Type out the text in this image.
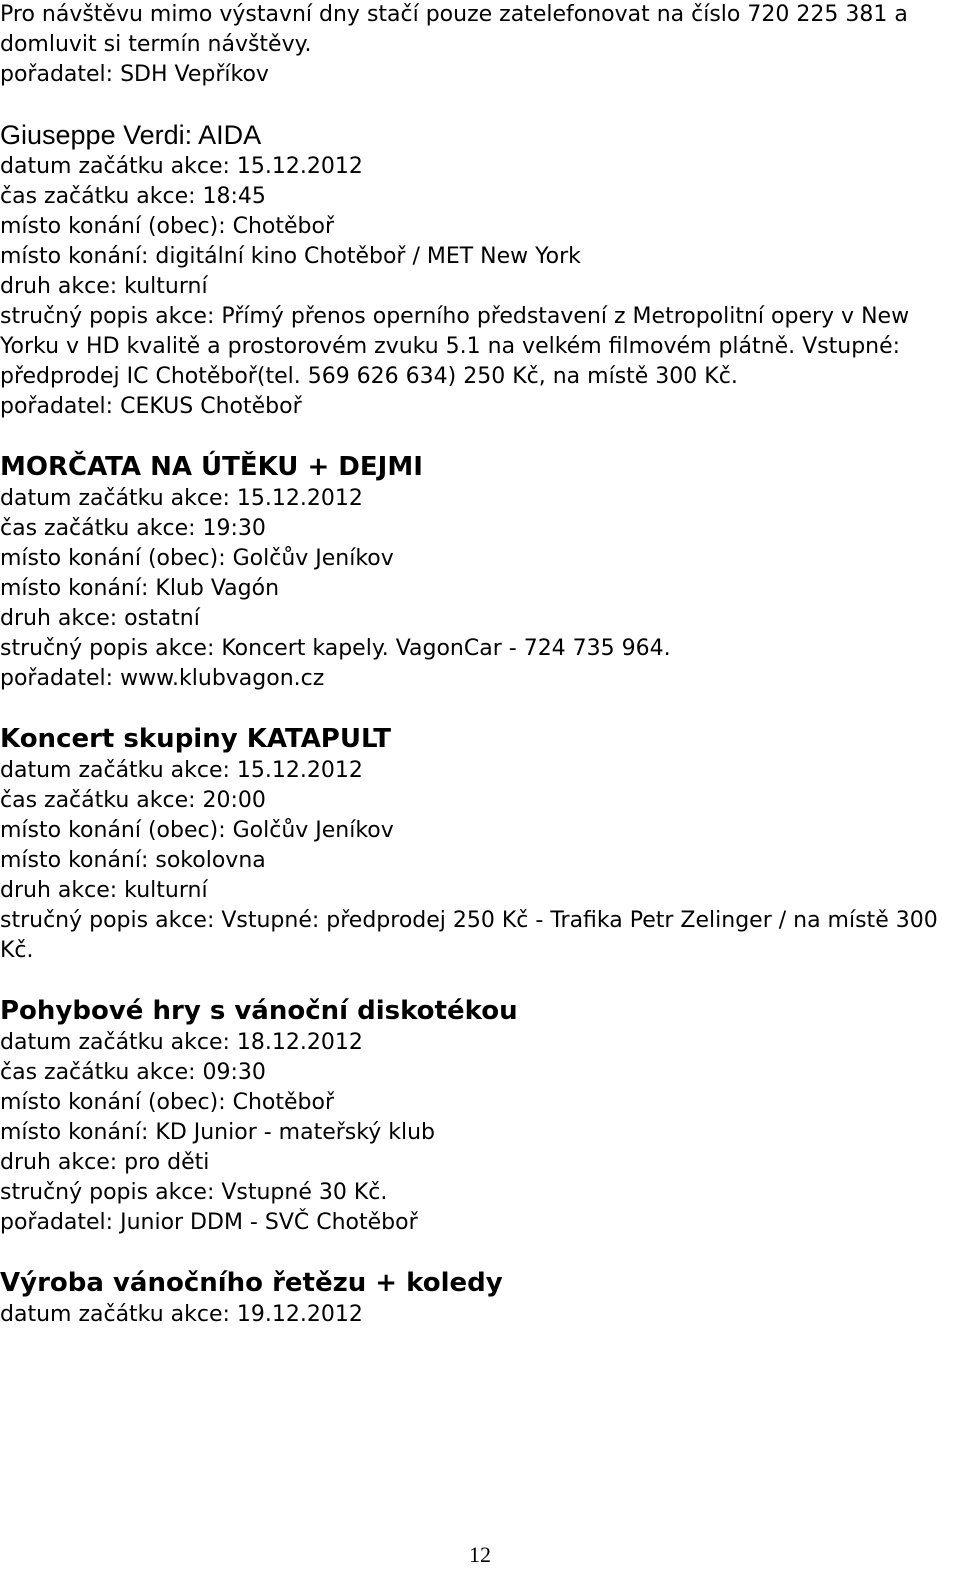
Pro návštěvu mimo výstavní dny stačí pouze zatelefonovat na číslo 720 225 381 a domluvit si termín návštěvy.

pořadatel: SDH Vepříkov

Giuseppe Verdi: AIDA

datum začátku akce: 15.12.2012

čas začátku akce: 18:45

místo konání (obec): Chotěboř

místo konání: digitální kino Chotěboř / MET New York

druh akce: kulturní

stručný popis akce: Přímý přenos operního představení z Metropolitní opery v New Yorku v HD kvalitě a prostorovém zvuku 5.1 na velkém filmovém plátně. Vstupné: předprodej IC Chotěboř(tel. 569 626 634) 250 Kč, na místě 300 Kč.

pořadatel: CEKUS Chotěboř

MORČATA NA ÚTĚKU + DEJMI

datum začátku akce: 15.12.2012

čas začátku akce: 19:30

místo konání (obec): Golčův Jeníkov

místo konání: Klub Vagón

druh akce: ostatní

stručný popis akce: Koncert kapely. VagonCar - 724 735 964.

pořadatel: www.klubvagon.cz

Koncert skupiny KATAPULT

datum začátku akce: 15.12.2012

čas začátku akce: 20:00

místo konání (obec): Golčův Jeníkov

místo konání: sokolovna

druh akce: kulturní

stručný popis akce: Vstupné: předprodej 250 Kč - Trafika Petr Zelinger / na místě 300 Kč.

Pohybové hry s vánoční diskotékou

datum začátku akce: 18.12.2012

čas začátku akce: 09:30

místo konání (obec): Chotěboř

místo konání: KD Junior - mateřský klub

druh akce: pro děti

stručný popis akce: Vstupné 30 Kč.

pořadatel: Junior DDM - SVČ Chotěboř

Výroba vánočního řetězu + koledy

datum začátku akce: 19.12.2012

12
